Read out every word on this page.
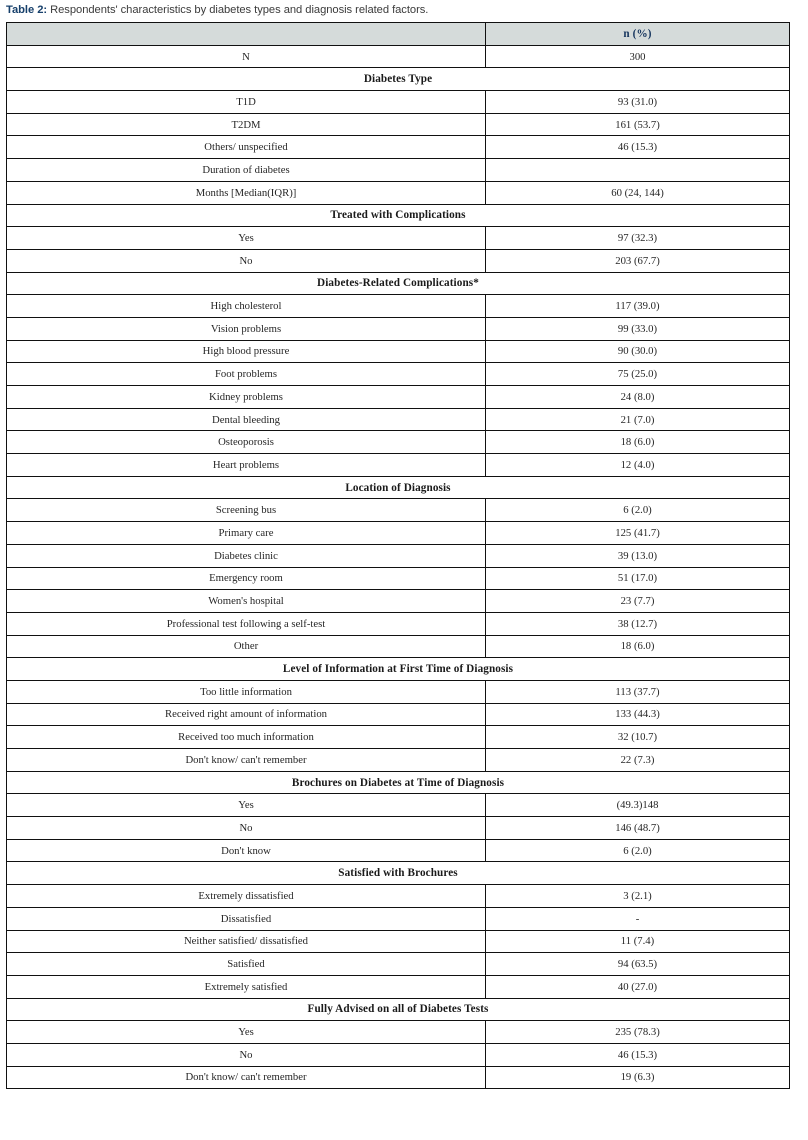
Table 2: Respondents' characteristics by diabetes types and diagnosis related factors.
	n (%)
N	300
Diabetes Type	
T1D	93 (31.0)
T2DM	161 (53.7)
Others/ unspecified	46 (15.3)
Duration of diabetes	
Months [Median(IQR)]	60 (24, 144)
Treated with Complications	
Yes	97 (32.3)
No	203 (67.7)
Diabetes-Related Complications*	
High cholesterol	117 (39.0)
Vision problems	99 (33.0)
High blood pressure	90 (30.0)
Foot problems	75 (25.0)
Kidney problems	24 (8.0)
Dental bleeding	21 (7.0)
Osteoporosis	18 (6.0)
Heart problems	12 (4.0)
Location of Diagnosis	
Screening bus	6 (2.0)
Primary care	125 (41.7)
Diabetes clinic	39 (13.0)
Emergency room	51 (17.0)
Women's hospital	23 (7.7)
Professional test following a self-test	38 (12.7)
Other	18 (6.0)
Level of Information at First Time of Diagnosis	
Too little information	113 (37.7)
Received right amount of information	133 (44.3)
Received too much information	32 (10.7)
Don't know/ can't remember	22 (7.3)
Brochures on Diabetes at Time of Diagnosis	
Yes	(49.3)148
No	146 (48.7)
Don't know	6 (2.0)
Satisfied with Brochures	
Extremely dissatisfied	3 (2.1)
Dissatisfied	-
Neither satisfied/ dissatisfied	11 (7.4)
Satisfied	94 (63.5)
Extremely satisfied	40 (27.0)
Fully Advised on all of Diabetes Tests	
Yes	235 (78.3)
No	46 (15.3)
Don't know/ can't remember	19 (6.3)
